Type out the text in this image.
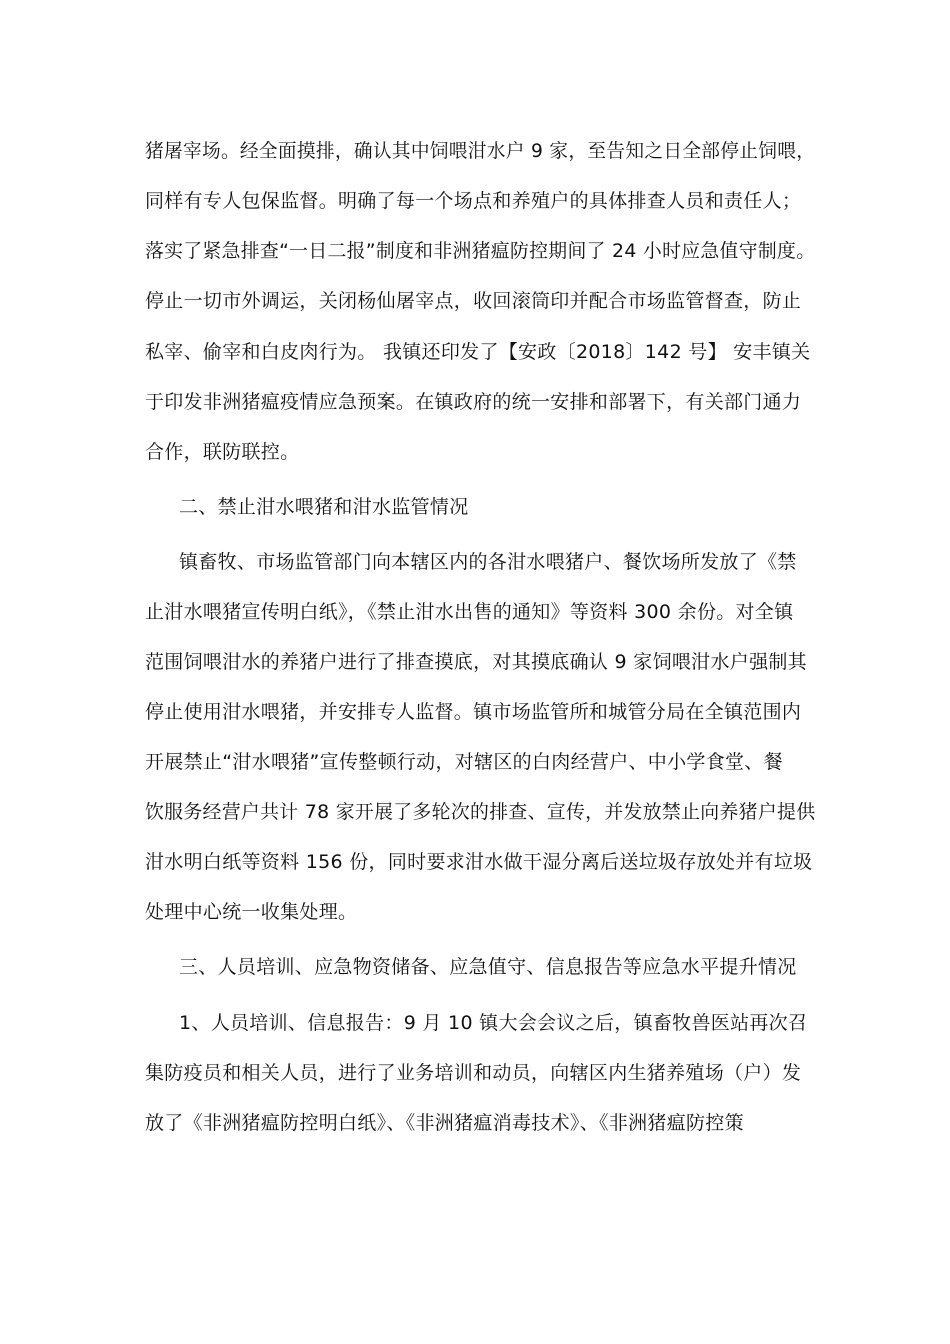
猪屠宰场。经全面摸排，确认其中饲喂泔水户 9 家，至告知之日全部停止饲喂，
同样有专人包保监督。明确了每一个场点和养殖户的具体排查人员和责任人；
落实了紧急排查“一日二报”制度和非洲猪瘟防控期间了 24 小时应急值守制度。
停止一切市外调运，关闭杨仙屠宰点，收回滚筒印并配合市场监管督查，防止
私宰、偷宰和白皮肉行为。 我镇还印发了【安政〔2018〕142 号】 安丰镇关
于印发非洲猪瘟疫情应急预案。在镇政府的统一安排和部署下，有关部门通力
合作，联防联控。
二、禁止泔水喂猪和泔水监管情况
镇畜牧、市场监管部门向本辖区内的各泔水喂猪户、餐饮场所发放了《禁
止泔水喂猪宣传明白纸》，《禁止泔水出售的通知》等资料 300 余份。对全镇
范围饲喂泔水的养猪户进行了排查摸底，对其摸底确认 9 家饲喂泔水户强制其
停止使用泔水喂猪，并安排专人监督。镇市场监管所和城管分局在全镇范围内
开展禁止“泔水喂猪”宣传整顿行动，对辖区的白肉经营户、中小学食堂、餐
饮服务经营户共计 78 家开展了多轮次的排查、宣传，并发放禁止向养猪户提供
泔水明白纸等资料 156 份，同时要求泔水做干湿分离后送垃圾存放处并有垃圾
处理中心统一收集处理。
三、人员培训、应急物资储备、应急值守、信息报告等应急水平提升情况
1、人员培训、信息报告：9 月 10 镇大会会议之后，镇畜牧兽医站再次召
集防疫员和相关人员，进行了业务培训和动员，向辖区内生猪养殖场（户）发
放了《非洲猪瘟防控明白纸》、《非洲猪瘟消毒技术》、《非洲猪瘟防控策
